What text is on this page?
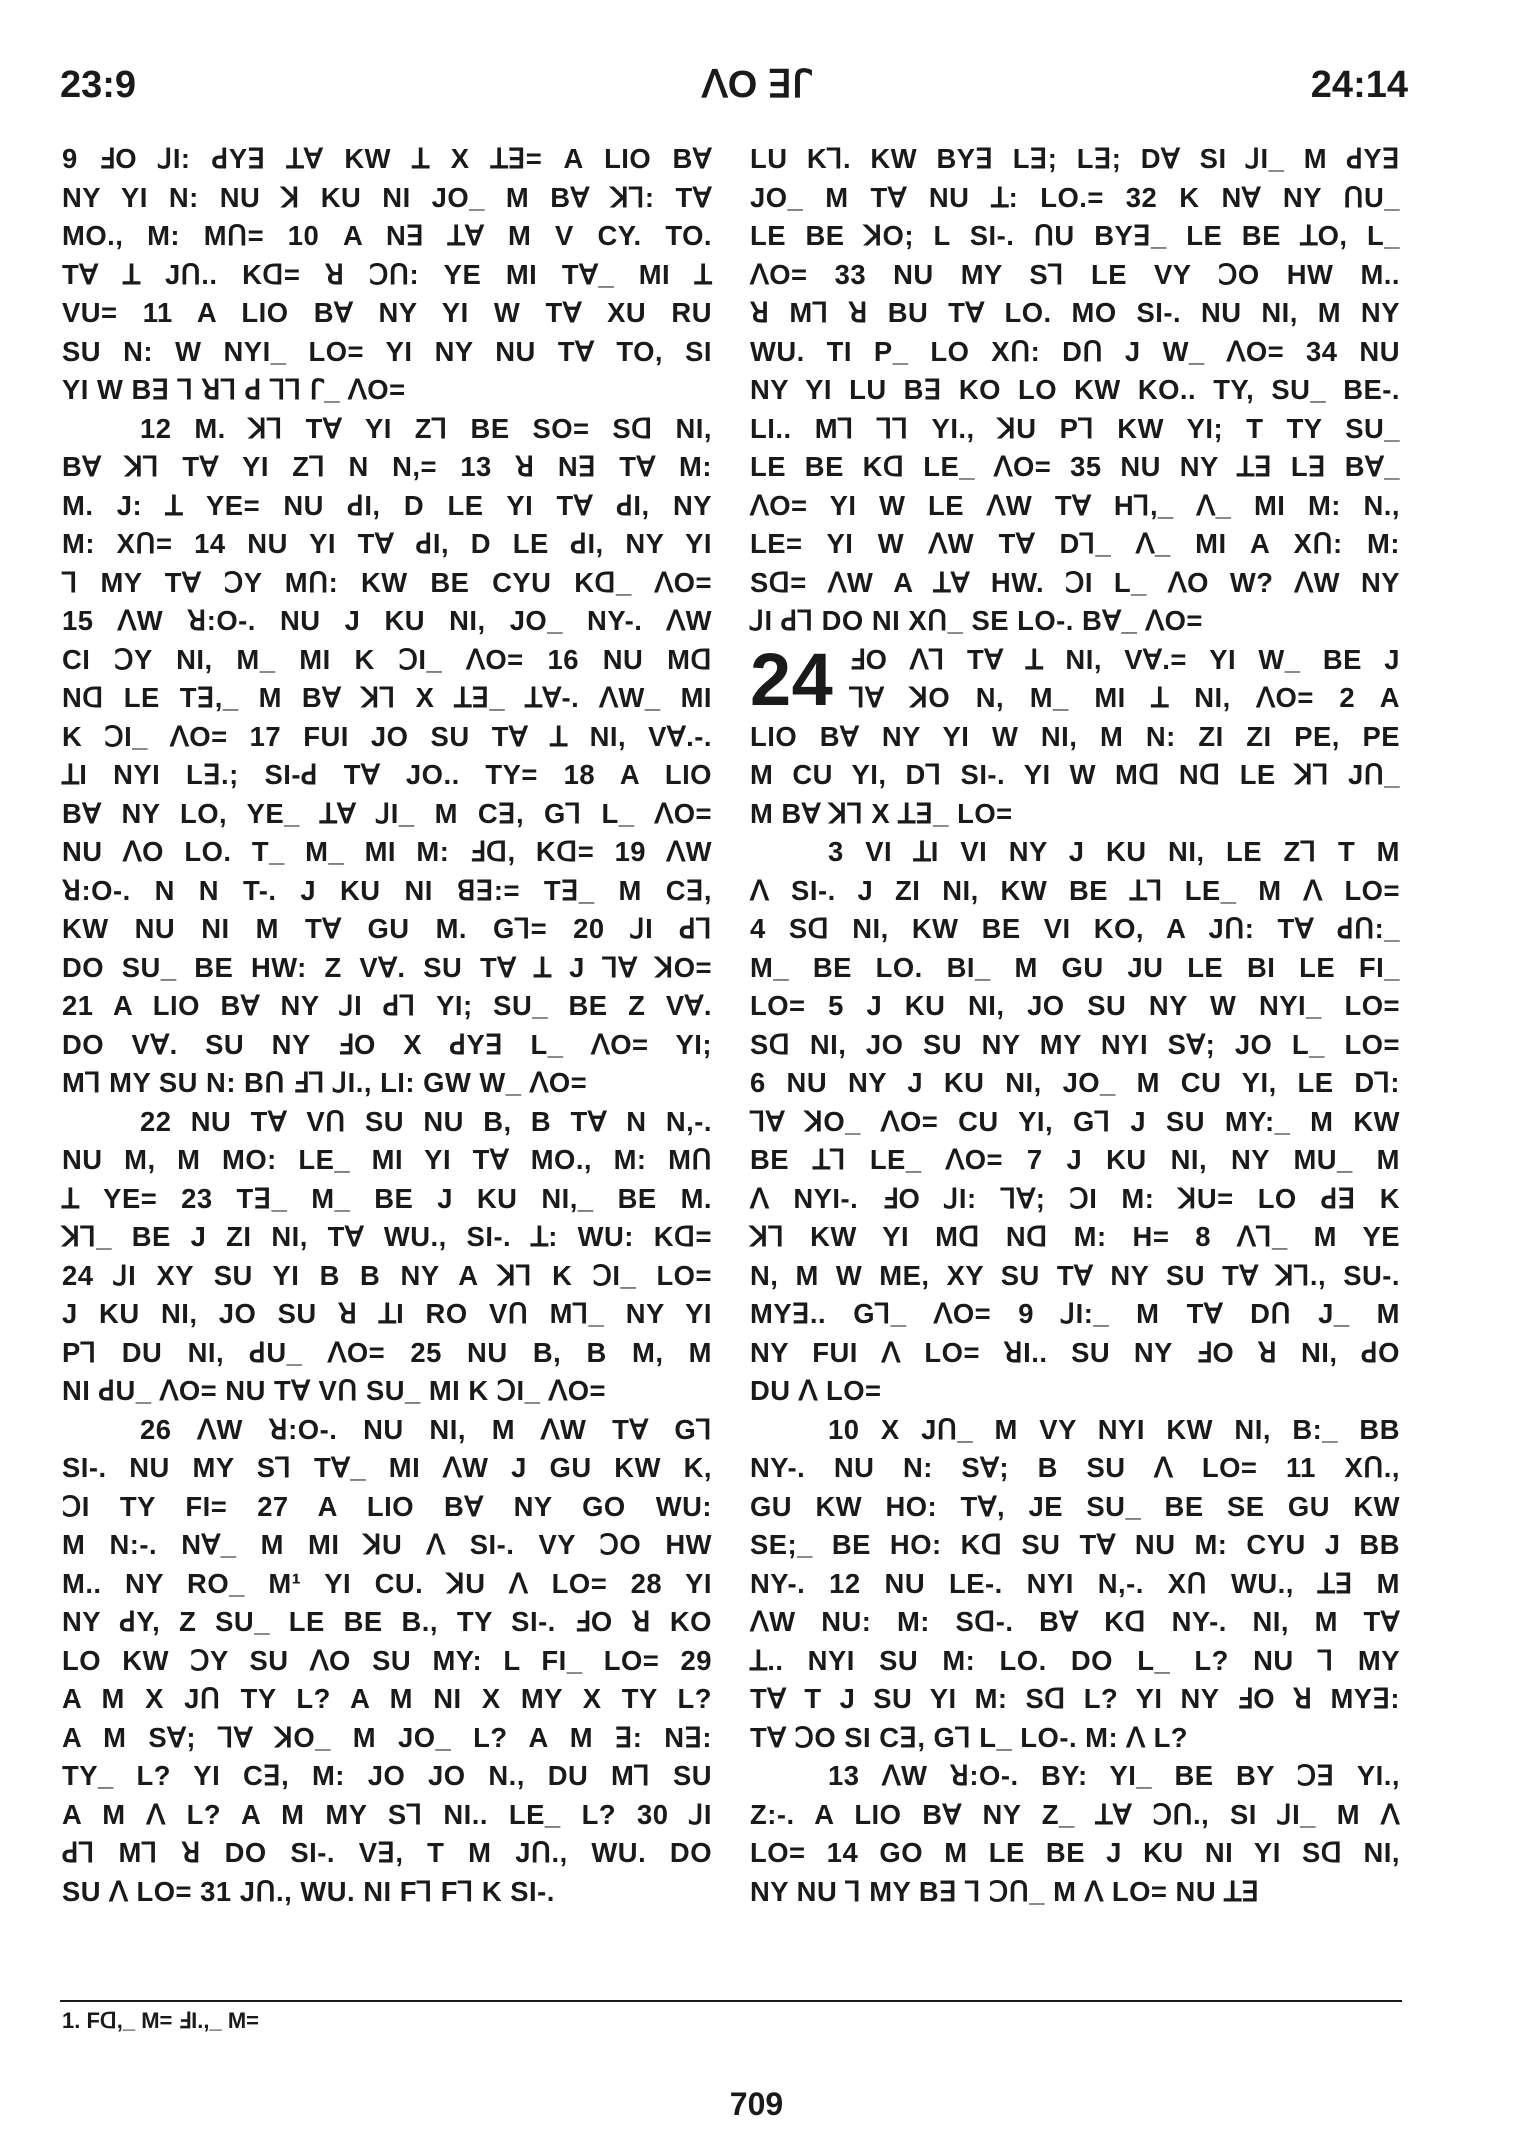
23:9	ꓥO ꓱꓩ	24:14

9 ꓞO ꓙI: ꓒYꓱ ꓕꓯ KW ꓕ X ꓕꓱ= A LIO Bꓯ

NY YI N: NU ꓘ KU NI JO_ M Bꓯ ꓘꓶ: Tꓯ

MO., M: Mꓵ= 10 A Nꓱ ꓕꓯ M V CY. TO.

Tꓯ ꓕ Jꓵ.. Kꓷ= ꓤ ꓛꓵ: YE MI Tꓯ_ MI ꓕ

VU= 11 A LIO Bꓯ NY YI W Tꓯ XU RU

SU N: W NYI_ LO= YI NY NU Tꓯ TO, SI

YI W Bꓱ ꓶ ꓤꓶ ꓒ ꓶꓶ ꓩ_ ꓥO=

12 M. ꓘꓶ Tꓯ YI Zꓶ BE SO= Sꓷ NI,

Bꓯ ꓘꓶ Tꓯ YI Zꓶ N N,= 13 ꓤ Nꓱ Tꓯ M:

M. J: ꓕ YE= NU ꓒI, D LE YI Tꓯ ꓒI, NY

M: Xꓵ= 14 NU YI Tꓯ ꓒI, D LE ꓒI, NY YI

ꓶ MY Tꓯ ꓛY Mꓵ: KW BE CYU Kꓷ_ ꓥO=

15 ꓥW ꓤ:O-. NU J KU NI, JO_ NY-. ꓥW

CI ꓛY NI, M_ MI K ꓛI_ ꓥO= 16 NU Mꓷ

Nꓷ LE Tꓱ,_ M Bꓯ ꓘꓶ X ꓕꓱ_ ꓕꓯ-. ꓥW_ MI

K ꓛI_ ꓥO= 17 FUI JO SU Tꓯ ꓕ NI, Vꓯ.-.

ꓕI NYI Lꓱ.; SI-ꓒ Tꓯ JO.. TY= 18 A LIO

Bꓯ NY LO, YE_ ꓕꓯ ꓙI_ M Cꓱ, Gꓶ L_ ꓥO=

NU ꓥO LO. T_ M_ MI M: ꓞꓷ, Kꓷ= 19 ꓥW

ꓤ:O-. N N T-. J KU NI ꓭꓱ:= Tꓱ_ M Cꓱ,

KW NU NI M Tꓯ GU M. Gꓶ= 20 ꓙI ꓒꓶ

DO SU_ BE HW: Z Vꓯ. SU Tꓯ ꓕ J ꓶꓯ ꓘO=

21 A LIO Bꓯ NY ꓙI ꓒꓶ YI; SU_ BE Z Vꓯ.

DO Vꓯ. SU NY ꓞO X ꓒYꓱ L_ ꓥO= YI;

Mꓶ MY SU N: Bꓵ ꓞꓶ ꓙI., LI: GW W_ ꓥO=

22 NU Tꓯ Vꓵ SU NU B, B Tꓯ N N,-.

NU M, M MO: LE_ MI YI Tꓯ MO., M: Mꓵ

ꓕ YE= 23 Tꓱ_ M_ BE J KU NI,_ BE M.

ꓘꓶ_ BE J ZI NI, Tꓯ WU., SI-. ꓕ: WU: Kꓷ=

24 ꓙI XY SU YI B B NY A ꓘꓶ K ꓛI_ LO=

J KU NI, JO SU ꓤ ꓕI RO Vꓵ Mꓶ_ NY YI

Pꓶ DU NI, ꓒU_ ꓥO= 25 NU B, B M, M

NI ꓒU_ ꓥO= NU Tꓯ Vꓵ SU_ MI K ꓛI_ ꓥO=

26 ꓥW ꓤ:O-. NU NI, M ꓥW Tꓯ Gꓶ

SI-. NU MY Sꓶ Tꓯ_ MI ꓥW J GU KW K,

ꓛI TY FI= 27 A LIO Bꓯ NY GO WU:

M N:-. Nꓯ_ M MI ꓘU ꓥ SI-. VY ꓛO HW

M.. NY RO_ M¹ YI CU. ꓘU ꓥ LO= 28 YI

NY ꓒY, Z SU_ LE BE B., TY SI-. ꓞO ꓤ KO

LO KW ꓛY SU ꓥO SU MY: L FI_ LO= 29

A M X Jꓵ TY L? A M NI X MY X TY L?

A M Sꓯ; ꓶꓯ ꓘO_ M JO_ L? A M ꓱ: Nꓱ:

TY_ L? YI Cꓱ, M: JO JO N., DU Mꓶ SU

A M ꓥ L? A M MY Sꓶ NI.. LE_ L? 30 ꓙI

ꓒꓶ Mꓶ ꓤ DO SI-. Vꓱ, T M Jꓵ., WU. DO

SU ꓥ LO= 31 Jꓵ., WU. NI Fꓶ Fꓶ K SI-.

LU Kꓶ. KW BYꓱ Lꓱ; Lꓱ; Dꓯ SI ꓙI_ M ꓒYꓱ

JO_ M Tꓯ NU ꓕ: LO.= 32 K Nꓯ NY ꓵU_

LE BE ꓘO; L SI-. ꓵU BYꓱ_ LE BE ꓕO, L_

ꓥO= 33 NU MY Sꓶ LE VY ꓛO HW M..

ꓤ Mꓶ ꓤ BU Tꓯ LO. MO SI-. NU NI, M NY

WU. TI P_ LO Xꓵ: Dꓵ J W_ ꓥO= 34 NU

NY YI LU Bꓱ KO LO KW KO.. TY, SU_ BE-.

LI.. Mꓶ ꓶꓶ YI., ꓘU Pꓶ KW YI; T TY SU_

LE BE Kꓷ LE_ ꓥO= 35 NU NY ꓕꓱ Lꓱ Bꓯ_

ꓥO= YI W LE ꓥW Tꓯ Hꓶ,_ ꓥ_ MI M: N.,

LE= YI W ꓥW Tꓯ Dꓶ_ ꓥ_ MI A Xꓵ: M:

Sꓷ= ꓥW A ꓕꓯ HW. ꓛI L_ ꓥO W? ꓥW NY

ꓙI ꓒꓶ DO NI Xꓵ_ SE LO-. Bꓯ_ ꓥO=

24 ꓞO ꓥꓶ Tꓯ ꓕ NI, Vꓯ.= YI W_ BE J

ꓶꓯ ꓘO N, M_ MI ꓕ NI, ꓥO= 2 A

LIO Bꓯ NY YI W NI, M N: ZI ZI PE, PE

M CU YI, Dꓶ SI-. YI W Mꓷ Nꓷ LE ꓘꓶ Jꓵ_

M Bꓯ ꓘꓶ X ꓕꓱ_ LO=

3 VI ꓕI VI NY J KU NI, LE Zꓶ T M

ꓥ SI-. J ZI NI, KW BE ꓕꓶ LE_ M ꓥ LO=

4 Sꓷ NI, KW BE VI KO, A Jꓵ: Tꓯ ꓒꓵ:_

M_ BE LO. BI_ M GU JU LE BI LE FI_

LO= 5 J KU NI, JO SU NY W NYI_ LO=

Sꓷ NI, JO SU NY MY NYI Sꓯ; JO L_ LO=

6 NU NY J KU NI, JO_ M CU YI, LE Dꓶ:

ꓶꓯ ꓘO_ ꓥO= CU YI, Gꓶ J SU MY:_ M KW

BE ꓕꓶ LE_ ꓥO= 7 J KU NI, NY MU_ M

ꓥ NYI-. ꓞO ꓙI: ꓶꓯ; ꓛI M: ꓘU= LO ꓒꓱ K

ꓘꓶ KW YI Mꓷ Nꓷ M: H= 8 ꓥꓶ_ M YE

N, M W ME, XY SU Tꓯ NY SU Tꓯ ꓘꓶ., SU-.

MYꓱ.. Gꓶ_ ꓥO= 9 ꓙI:_ M Tꓯ Dꓵ J_ M

NY FUI ꓥ LO= ꓤI.. SU NY ꓞO ꓤ NI, ꓒO

DU ꓥ LO=

10 X Jꓵ_ M VY NYI KW NI, B:_ BB

NY-. NU N: Sꓯ; B SU ꓥ LO= 11 Xꓵ.,

GU KW HO: Tꓯ, JE SU_ BE SE GU KW

SE;_ BE HO: Kꓷ SU Tꓯ NU M: CYU J BB

NY-. 12 NU LE-. NYI N,-. Xꓵ WU., ꓕꓱ M

ꓥW NU: M: Sꓷ-. Bꓯ Kꓷ NY-. NI, M Tꓯ

ꓕ.. NYI SU M: LO. DO L_ L? NU ꓶ MY

Tꓯ T J SU YI M: Sꓷ L? YI NY ꓞO ꓤ MYꓱ:

Tꓯ ꓛO SI Cꓱ, Gꓶ L_ LO-. M: ꓥ L?

13 ꓥW ꓤ:O-. BY: YI_ BE BY ꓛꓱ YI.,

Z:-. A LIO Bꓯ NY Z_ ꓕꓯ ꓛꓵ., SI ꓙI_ M ꓥ

LO= 14 GO M LE BE J KU NI YI Sꓷ NI,

NY NU ꓶ MY Bꓱ ꓶ ꓛꓵ_ M ꓥ LO= NU ꓕꓱ

1. Fꓷ,_ M= ꓞI.,_ M=
709
